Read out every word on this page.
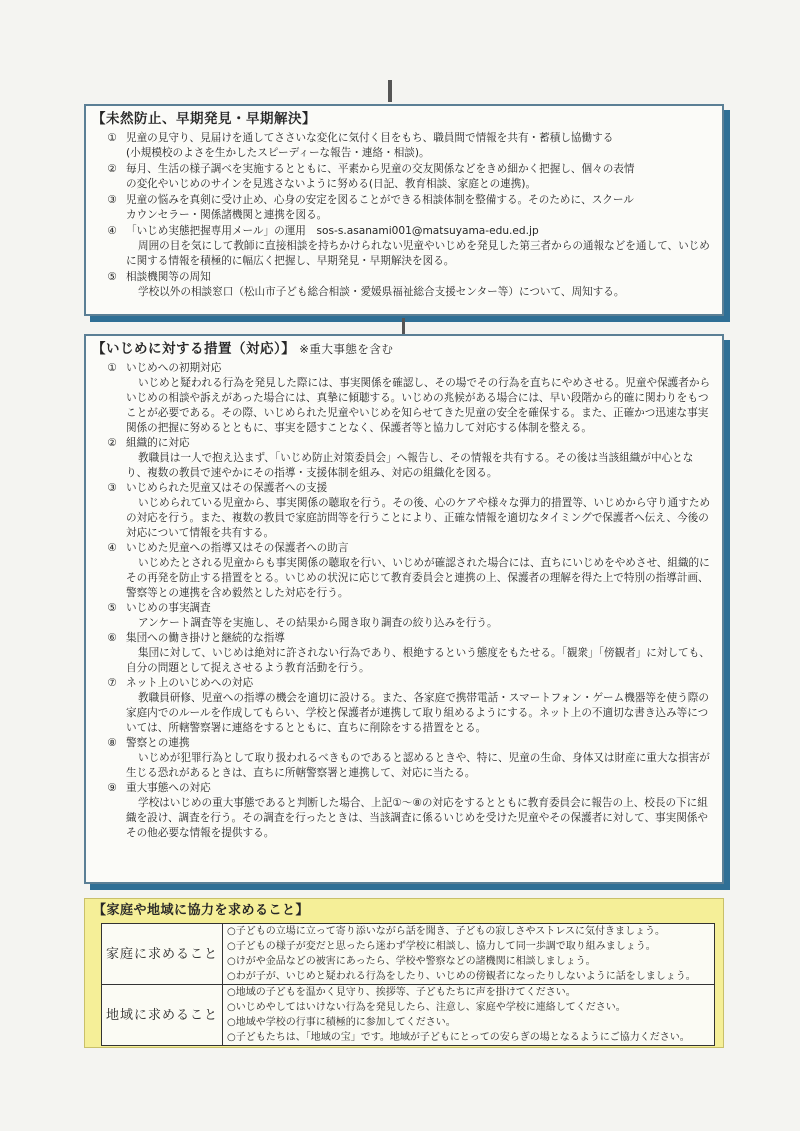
【未然防止、早期発見・早期解決】
① 児童の見守り、見届けを通してささいな変化に気付く目をもち、職員間で情報を共有・蓄積し協働する
(小規模校のよさを生かしたスピーディーな報告・連絡・相談)。
② 毎月、生活の様子調べを実施するとともに、平素から児童の交友関係などをきめ細かく把握し、個々の表情
の変化やいじめのサインを見逃さないように努める(日記、教育相談、家庭との連携)。
③ 児童の悩みを真剣に受け止め、心身の安定を図ることができる相談体制を整備する。そのために、スクール
カウンセラー・関係諸機関と連携を図る。
④ 「いじめ実態把握専用メール」の運用　sos-s.asanami001@matsuyama-edu.ed.jp
周囲の目を気にして教師に直接相談を持ちかけられない児童やいじめを発見した第三者からの通報などを通して、いじめに関する情報を積極的に幅広く把握し、早期発見・早期解決を図る。
⑤ 相談機関等の周知
学校以外の相談窓口（松山市子ども総合相談・愛媛県福祉総合支援センター等）について、周知する。
【いじめに対する措置（対応）】 ※重大事態を含む
① いじめへの初期対応
いじめと疑われる行為を発見した際には、事実関係を確認し、その場でその行為を直ちにやめさせる。児童や保護者からいじめの相談や訴えがあった場合には、真摯に傾聴する。いじめの兆候がある場合には、早い段階から的確に関わりをもつことが必要である。その際、いじめられた児童やいじめを知らせてきた児童の安全を確保する。また、正確かつ迅速な事実関係の把握に努めるとともに、事実を隠すことなく、保護者等と協力して対応する体制を整える。
② 組織的に対応
教職員は一人で抱え込まず、「いじめ防止対策委員会」へ報告し、その情報を共有する。その後は当該組織が中心となり、複数の教員で速やかにその指導・支援体制を組み、対応の組織化を図る。
③ いじめられた児童又はその保護者への支援
いじめられている児童から、事実関係の聴取を行う。その後、心のケアや様々な弾力的措置等、いじめから守り通すための対応を行う。また、複数の教員で家庭訪問等を行うことにより、正確な情報を適切なタイミングで保護者へ伝え、今後の対応について情報を共有する。
④ いじめた児童への指導又はその保護者への助言
いじめたとされる児童からも事実関係の聴取を行い、いじめが確認された場合には、直ちにいじめをやめさせ、組織的にその再発を防止する措置をとる。いじめの状況に応じて教育委員会と連携の上、保護者の理解を得た上で特別の指導計画、警察等との連携を含め毅然とした対応を行う。
⑤ いじめの事実調査
アンケート調査等を実施し、その結果から聞き取り調査の絞り込みを行う。
⑥ 集団への働き掛けと継続的な指導
集団に対して、いじめは絶対に許されない行為であり、根絶するという態度をもたせる。「観衆」「傍観者」に対しても、自分の問題として捉えさせるよう教育活動を行う。
⑦ ネット上のいじめへの対応
教職員研修、児童への指導の機会を適切に設ける。また、各家庭で携帯電話・スマートフォン・ゲーム機器等を使う際の家庭内でのルールを作成してもらい、学校と保護者が連携して取り組めるようにする。ネット上の不適切な書き込み等については、所轄警察署に連絡をするとともに、直ちに削除をする措置をとる。
⑧ 警察との連携
いじめが犯罪行為として取り扱われるべきものであると認めるときや、特に、児童の生命、身体又は財産に重大な損害が生じる恐れがあるときは、直ちに所轄警察署と連携して、対応に当たる。
⑨ 重大事態への対応
学校はいじめの重大事態であると判断した場合、上記①～⑧の対応をするとともに教育委員会に報告の上、校長の下に組織を設け、調査を行う。その調査を行ったときは、当該調査に係るいじめを受けた児童やその保護者に対して、事実関係やその他必要な情報を提供する。
【家庭や地域に協力を求めること】
家庭に求めること	○子どもの立場に立って寄り添いながら話を聞き、子どもの寂しさやストレスに気付きましょう。
○子どもの様子が変だと思ったら迷わず学校に相談し、協力して同一歩調で取り組みましょう。
○けがや金品などの被害にあったら、学校や警察などの諸機関に相談しましょう。
○わが子が、いじめと疑われる行為をしたり、いじめの傍観者になったりしないように話をしましょう。

地域に求めること	○地域の子どもを温かく見守り、挨拶等、子どもたちに声を掛けてください。
○いじめやしてはいけない行為を発見したら、注意し、家庭や学校に連絡してください。
○地域や学校の行事に積極的に参加してください。
○子どもたちは、「地域の宝」です。地域が子どもにとっての安らぎの場となるようにご協力ください。
